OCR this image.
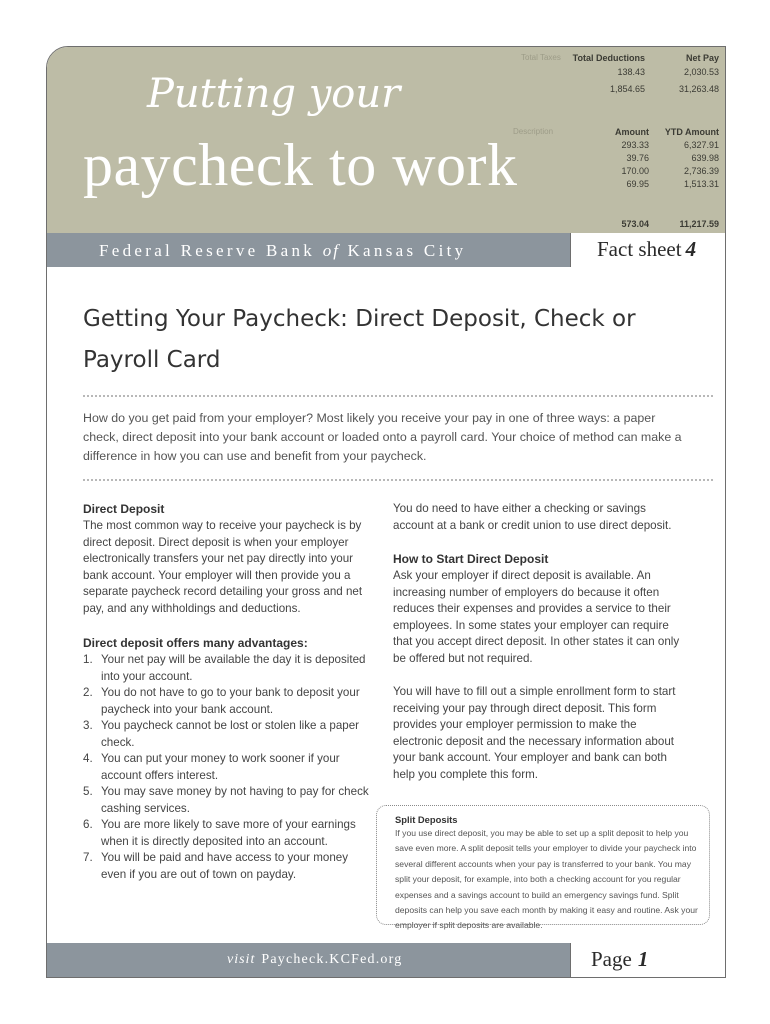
Putting your
paycheck to work
Total Taxes Total Deductions	Net Pay
138.43	2,030.53
1,854.65	31,263.48
Description	Amount YTD Amount
293.33	6,327.91
39.76	639.98
170.00	2,736.39
69.95	1,513.31
573.04	11,217.59
Federal Reserve Bank of Kansas City	Fact sheet 4
Getting Your Paycheck: Direct Deposit, Check or Payroll Card
How do you get paid from your employer? Most likely you receive your pay in one of three ways: a paper check, direct deposit into your bank account or loaded onto a payroll card. Your choice of method can make a difference in how you can use and benefit from your paycheck.
Direct Deposit

The most common way to receive your paycheck is by direct deposit. Direct deposit is when your employer electronically transfers your net pay directly into your bank account. Your employer will then provide you a separate paycheck record detailing your gross and net pay, and any withholdings and deductions.

Direct deposit offers many advantages:
1. Your net pay will be available the day it is deposited into your account.
2. You do not have to go to your bank to deposit your paycheck into your bank account.
3. You paycheck cannot be lost or stolen like a paper check.
4. You can put your money to work sooner if your account offers interest.
5. You may save money by not having to pay for check cashing services.
6. You are more likely to save more of your earnings when it is directly deposited into an account.
7. You will be paid and have access to your money even if you are out of town on payday.

You do need to have either a checking or savings account at a bank or credit union to use direct deposit.

How to Start Direct Deposit

Ask your employer if direct deposit is available. An increasing number of employers do because it often reduces their expenses and provides a service to their employees. In some states your employer can require that you accept direct deposit. In other states it can only be offered but not required.

You will have to fill out a simple enrollment form to start receiving your pay through direct deposit. This form provides your employer permission to make the electronic deposit and the necessary information about your bank account. Your employer and bank can both help you complete this form.

Split Deposits
If you use direct deposit, you may be able to set up a split deposit to help you save even more. A split deposit tells your employer to divide your paycheck into several different accounts when your pay is transferred to your bank. You may split your deposit, for example, into both a checking account for you regular expenses and a savings account to build an emergency savings fund. Split deposits can help you save each month by making it easy and routine. Ask your employer if split deposits are available.
visit Paycheck.KCFed.org	Page 1
